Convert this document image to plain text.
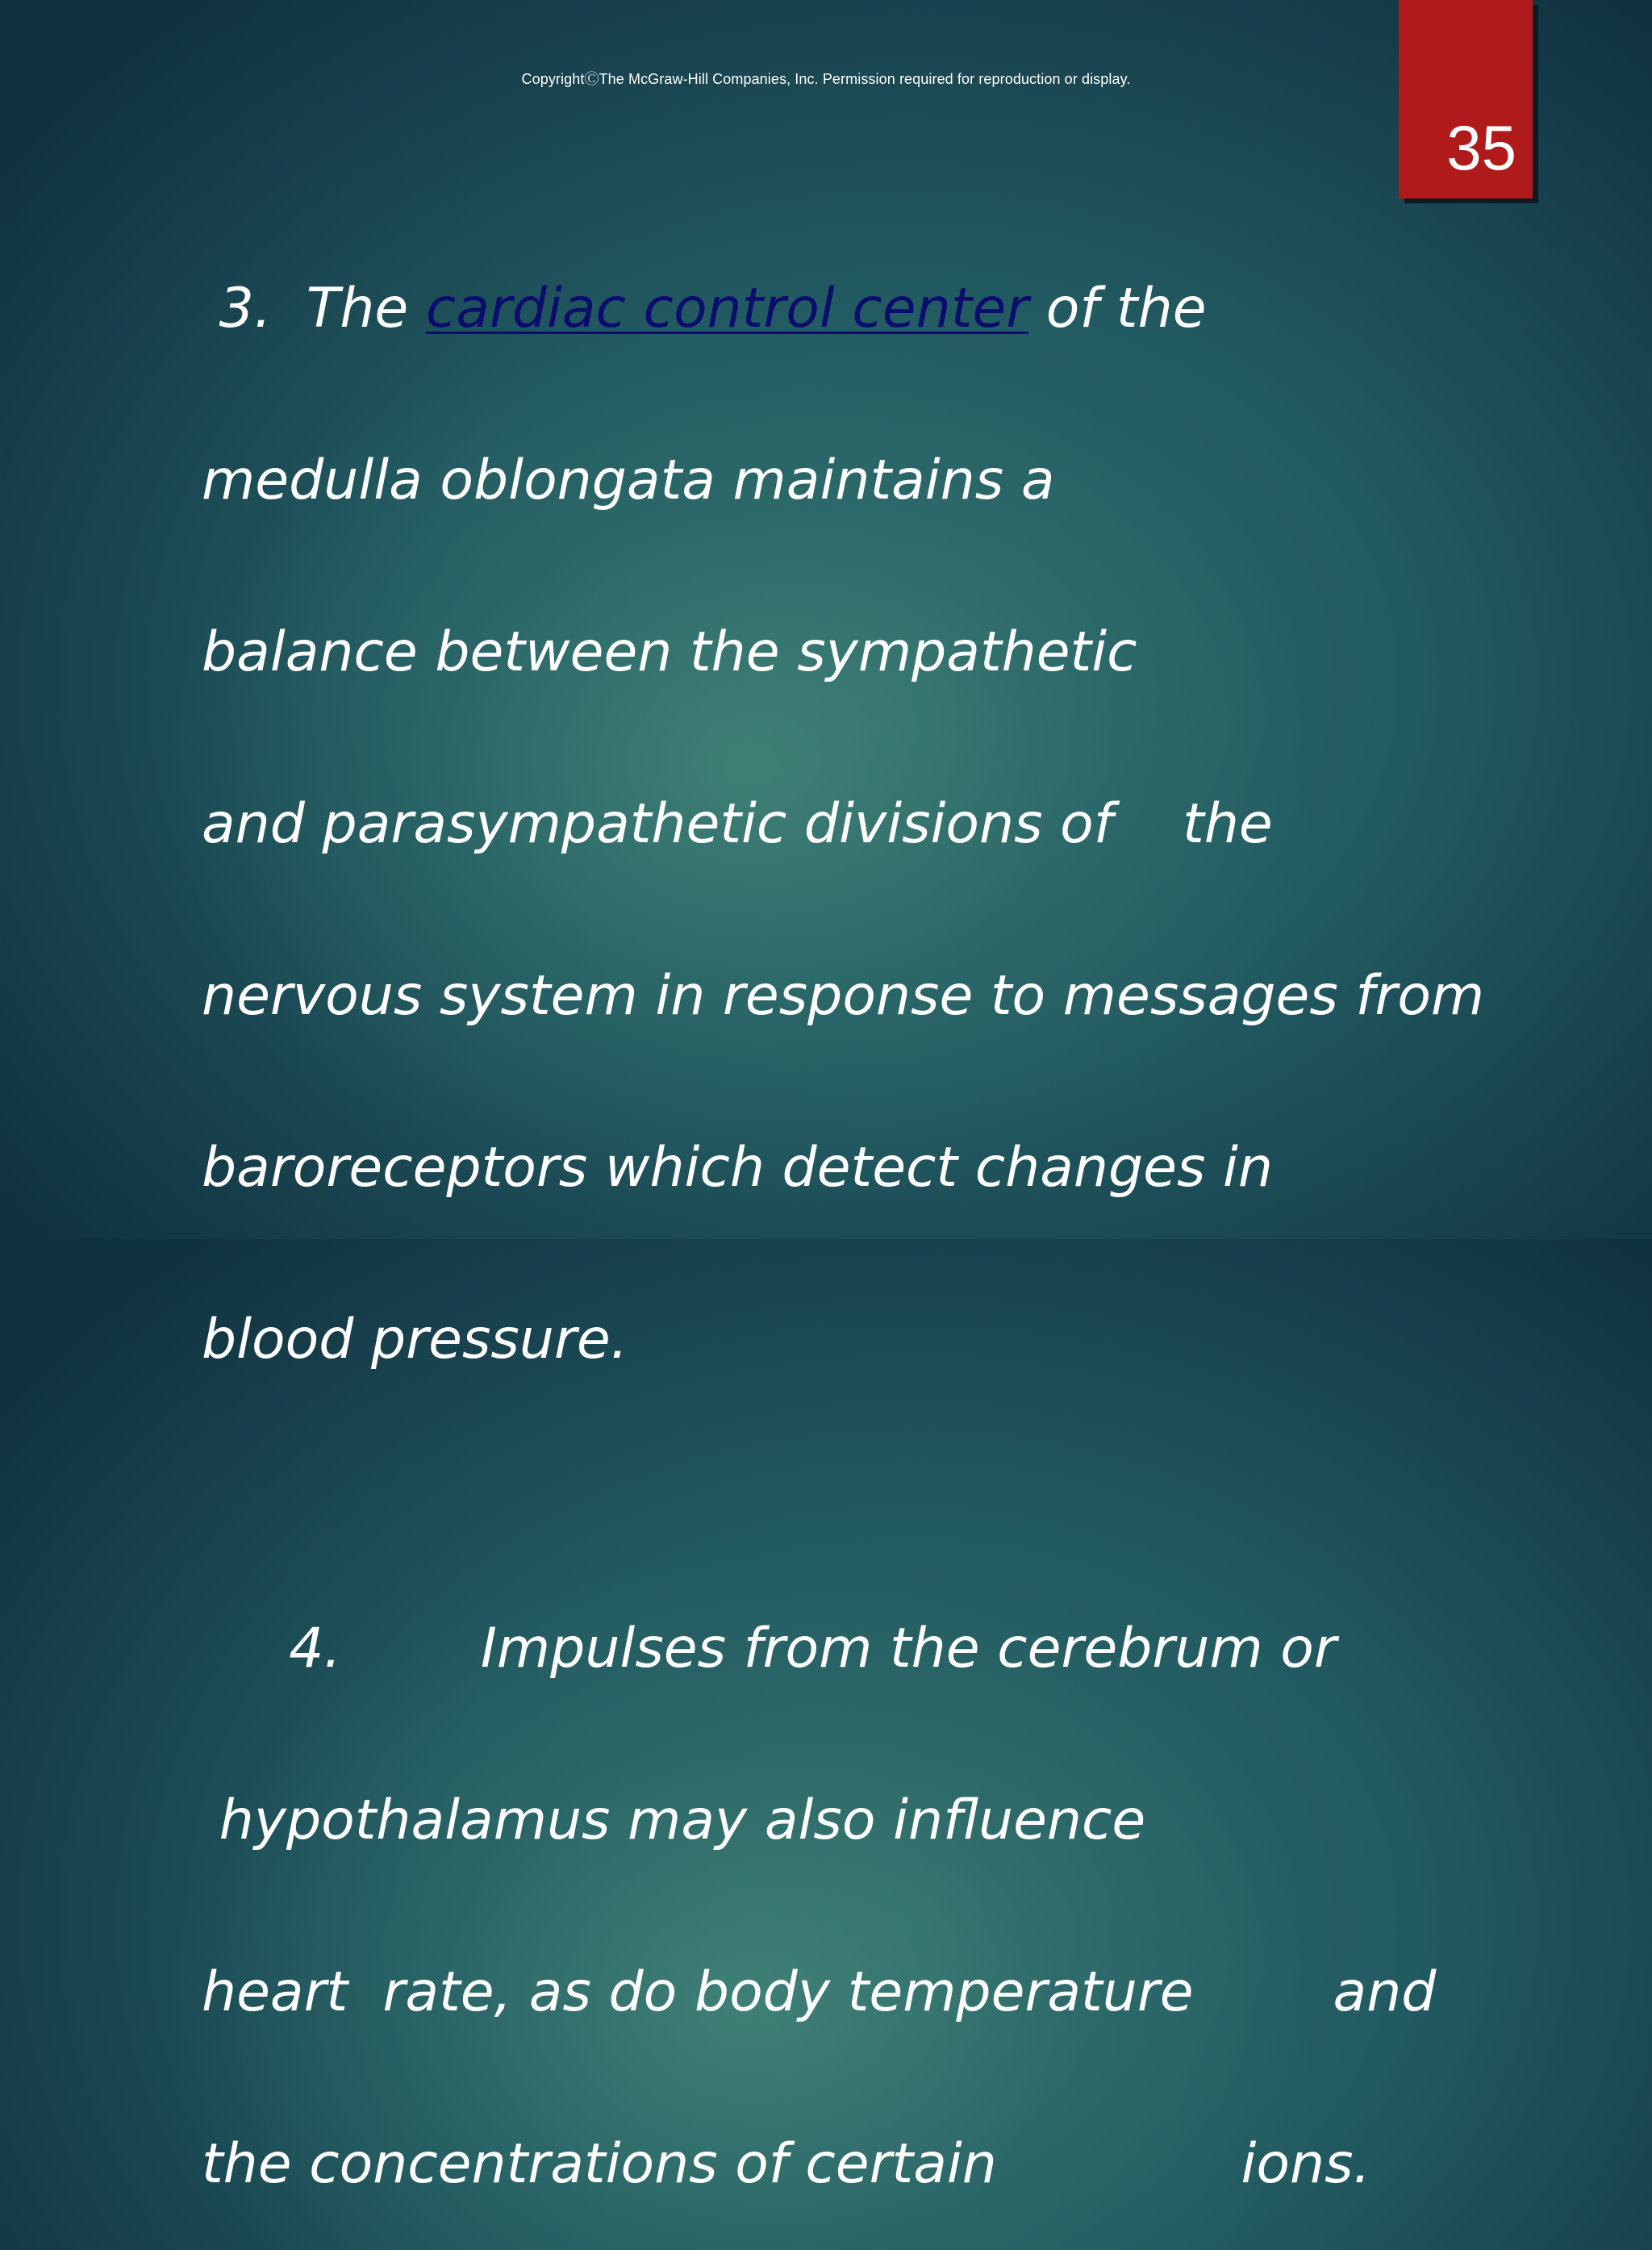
CopyrightⒸThe McGraw-Hill Companies, Inc. Permission required for reproduction or display.
35

3.  The cardiac control center of the

medulla oblongata maintains a

balance between the sympathetic

and parasympathetic divisions of    the

nervous system in response to messages from

baroreceptors which detect changes in

blood pressure.

4.        Impulses from the cerebrum or

hypothalamus may also influence

heart  rate, as do body temperature        and

the concentrations of certain              ions.
